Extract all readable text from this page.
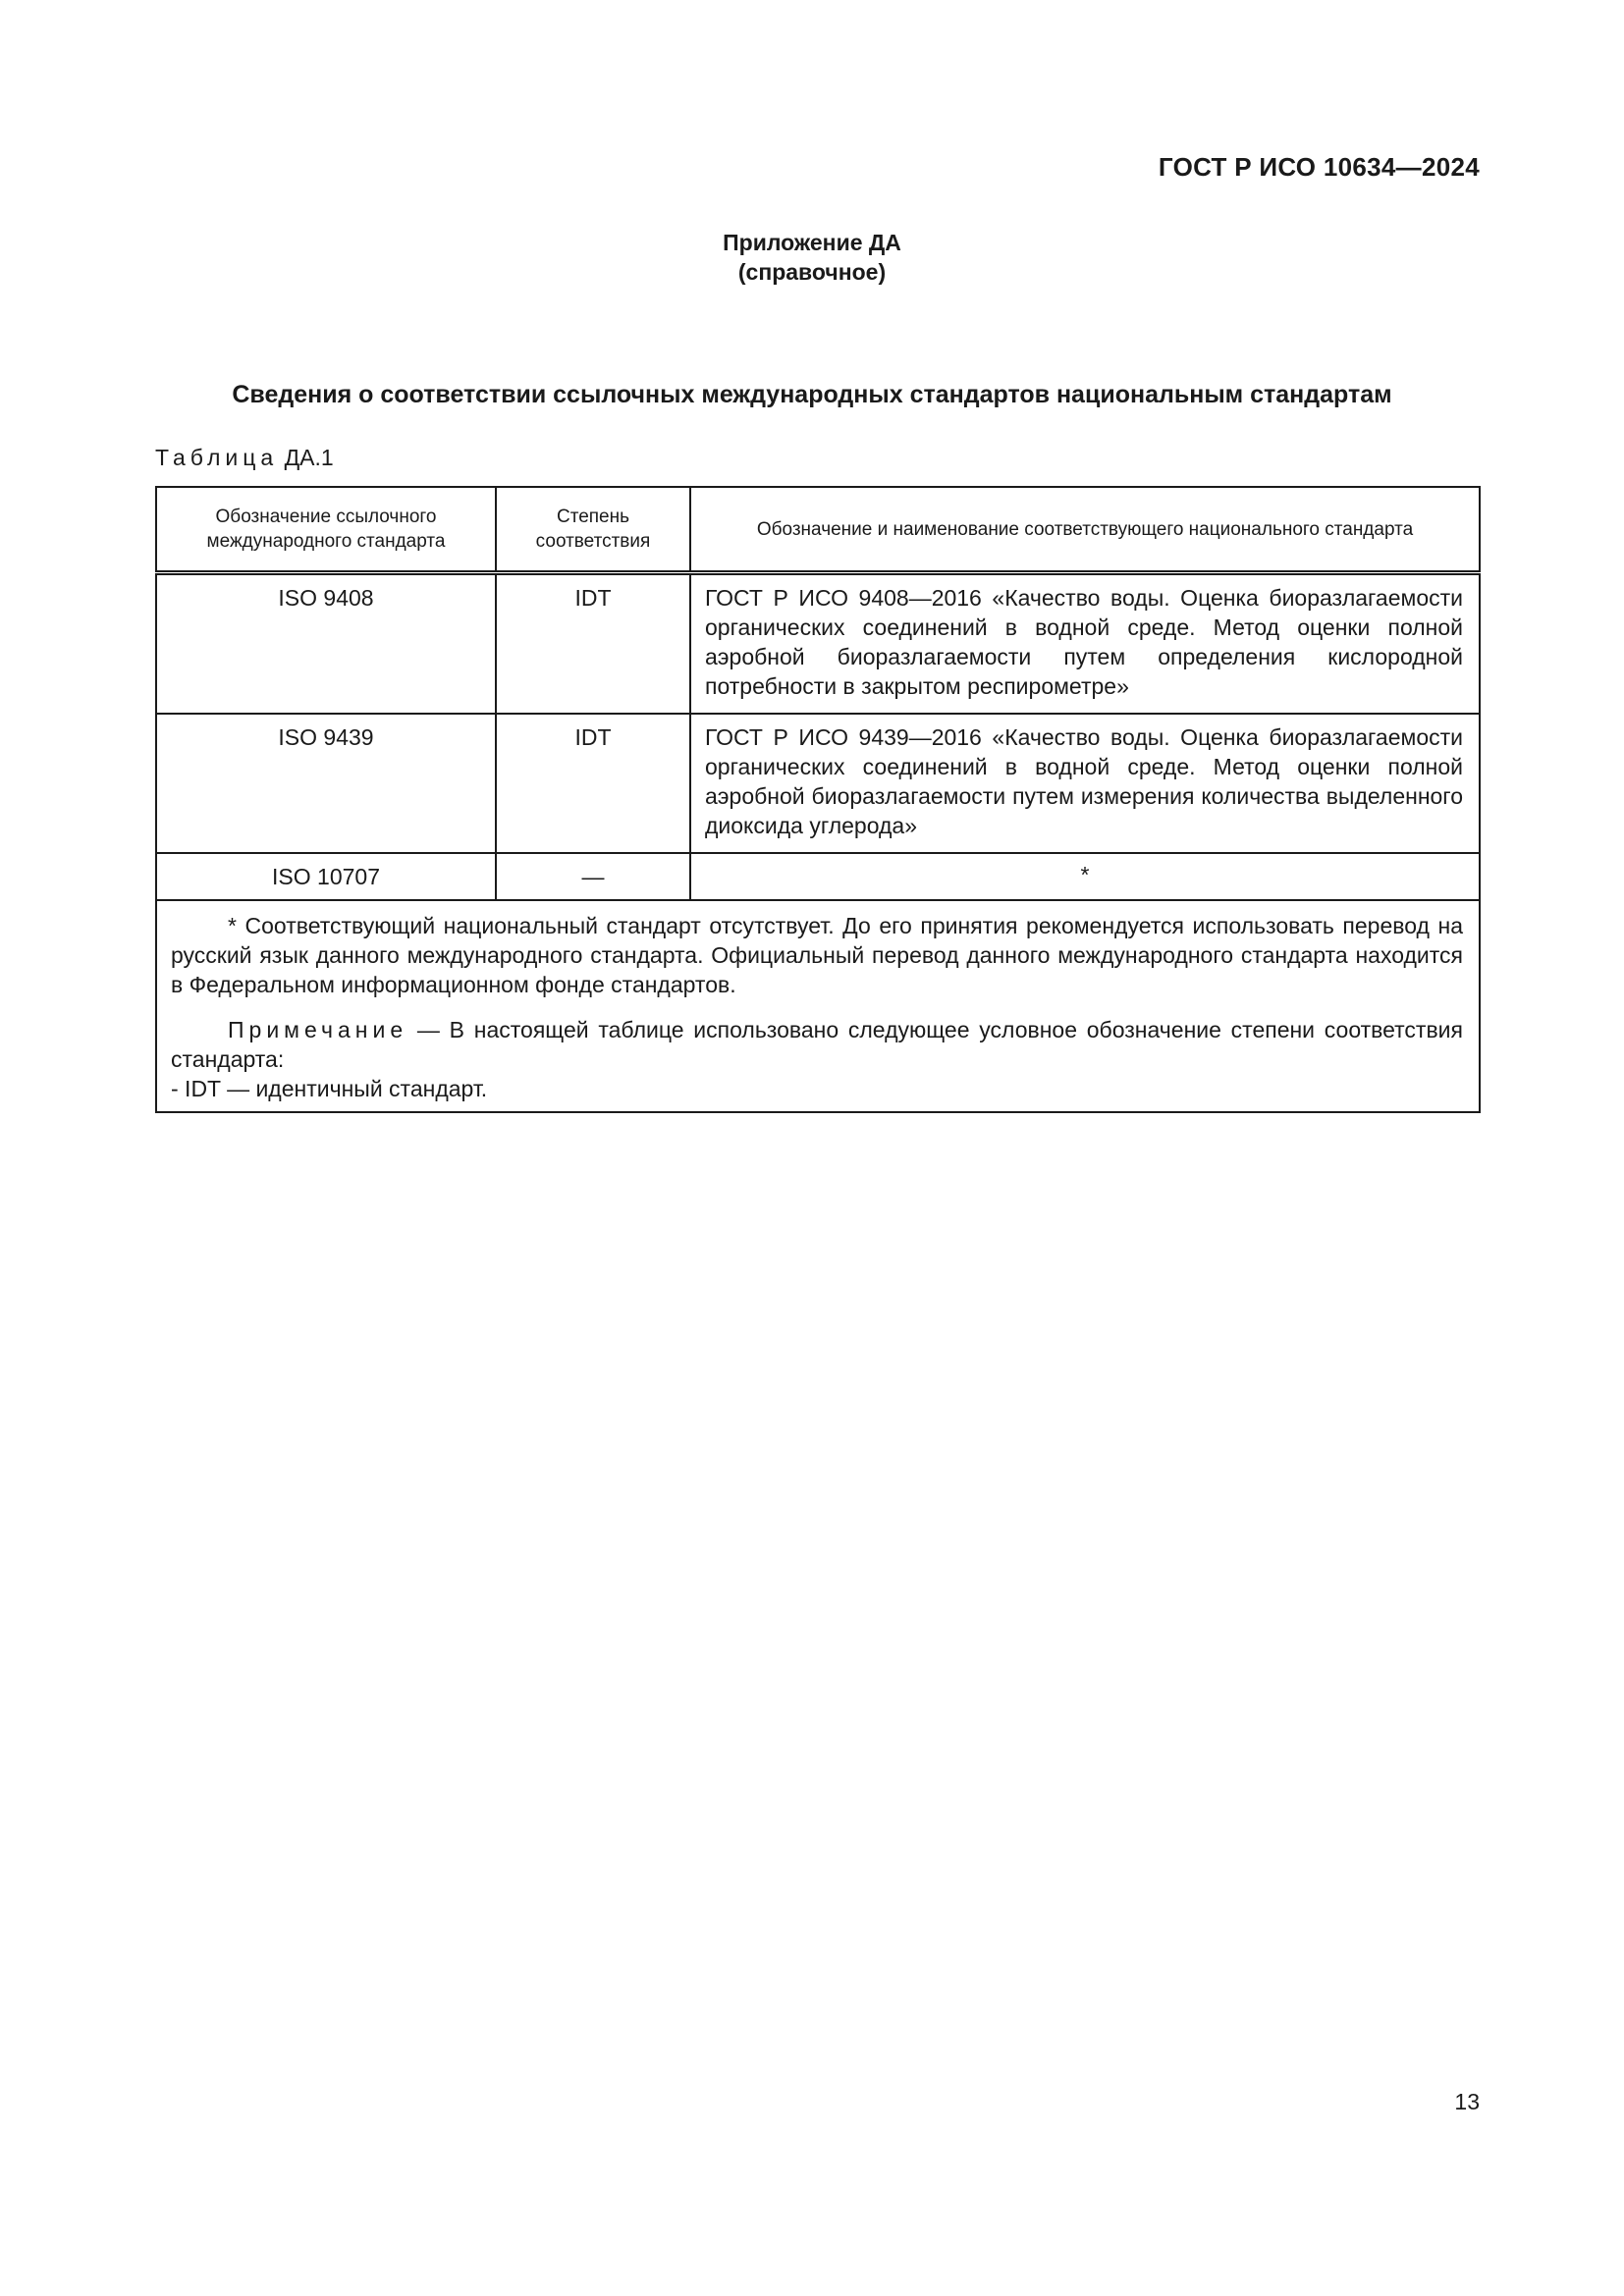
ГОСТ Р ИСО 10634—2024
Приложение ДА
(справочное)
Сведения о соответствии ссылочных международных стандартов национальным стандартам
Таблица ДА.1
Обозначение ссылочного международного стандарта	Степень соответствия	Обозначение и наименование соответствующего национального стандарта
ISO 9408	IDT	ГОСТ Р ИСО 9408—2016 «Качество воды. Оценка биоразлагаемости органических соединений в водной среде. Метод оценки полной аэробной биоразлагаемости путем определения кислородной потребности в закрытом респирометре»
ISO 9439	IDT	ГОСТ Р ИСО 9439—2016 «Качество воды. Оценка биоразлагаемости органических соединений в водной среде. Метод оценки полной аэробной биоразлагаемости путем измерения количества выделенного диоксида углерода»
ISO 10707	—	*

* Соответствующий национальный стандарт отсутствует. До его принятия рекомендуется использовать перевод на русский язык данного международного стандарта. Официальный перевод данного международного стандарта находится в Федеральном информационном фонде стандартов.

Примечание — В настоящей таблице использовано следующее условное обозначение степени соответствия стандарта:
- IDT — идентичный стандарт.		

13
